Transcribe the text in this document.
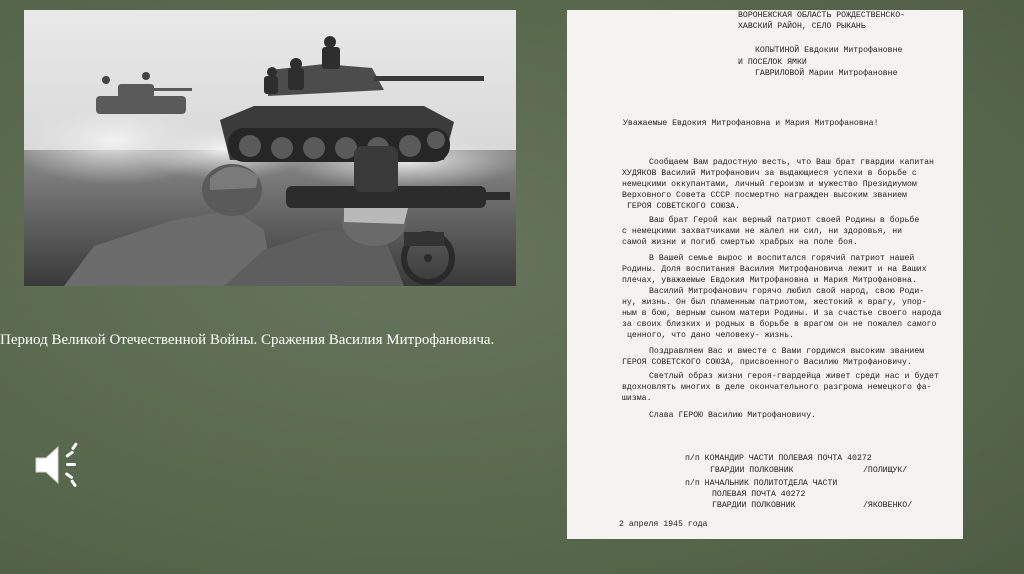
Период Великой Отечественной Войны. Сражения Василия Митрофановича.
ВОРОНЕЖСКАЯ ОБЛАСТЬ РОЖДЕСТВЕНСКО-
ХАВСКИЙ РАЙОН, СЕЛО РЫКАНЬ
КОПЫТИНОЙ Евдокии Митрофановне
И ПОСЕЛОК ЯМКИ
ГАВРИЛОВОЙ Марии Митрофановне
Уважаемые Евдокия Митрофановна и Мария Митрофановна!
Сообщаем Вам радостную весть, что Ваш брат гвардии капитан
ХУДЯКОВ Василий Митрофанович за выдающиеся успехи в борьбе с
немецкими оккупантами, личный героизм и мужество Президиумом
Верховного Совета СССР посмертно награжден высоким званием
ГЕРОЯ СОВЕТСКОГО СОЮЗА.
Ваш брат Герой как верный патриот своей Родины в борьбе
с немецкими захватчиками не жалел ни сил, ни здоровья, ни
самой жизни и погиб смертью храбрых на поле боя.
В Вашей семье вырос и воспитался горячий патриот нашей
Родины. Доля воспитания Василия Митрофановича лежит и на Ваших
плечах, уважаемые Евдокия Митрофановна и Мария Митрофановна.
Василий Митрофанович горячо любил свой народ, свою Роди-
ну, жизнь. Он был пламенным патриотом, жестокий к врагу, упор-
ным в бою, верным сыном матери Родины. И за счастье своего народа
за своих близких и родных в борьбе в врагом он не пожалел самого
ценного, что дано человеку- жизнь.
Поздравляем Вас и вместе с Вами гордимся высоким званием
ГЕРОЯ СОВЕТСКОГО СОЮЗА, присвоенного Василию Митрофановичу.
Светлый образ жизни героя-гвардейца живет среди нас и будет
вдохновлять многих в деле окончательного разгрома немецкого фа-
шизма.
Слава ГЕРОЮ Василию Митрофановичу.
п/п КОМАНДИР ЧАСТИ ПОЛЕВАЯ ПОЧТА 40272
ГВАРДИИ ПОЛКОВНИК	/ПОЛИЩУК/
п/п НАЧАЛЬНИК ПОЛИТОТДЕЛА ЧАСТИ
ПОЛЕВАЯ ПОЧТА 40272
ГВАРДИИ ПОЛКОВНИК	/ЯКОВЕНКО/
2 апреля 1945 года
